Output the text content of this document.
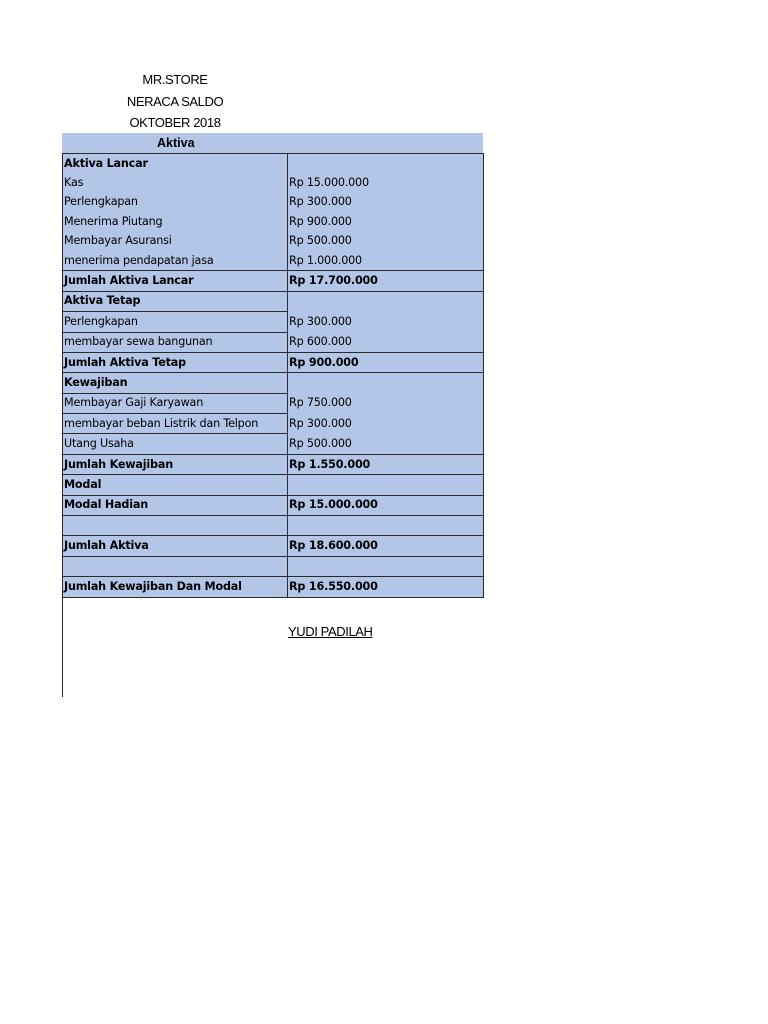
MR.STORE
NERACA SALDO
OKTOBER 2018
Aktiva
Aktiva Lancar	
Kas	Rp 15.000.000
Perlengkapan	Rp 300.000
Menerima Piutang	Rp 900.000
Membayar Asuransi	Rp 500.000
menerima pendapatan jasa	Rp 1.000.000
Jumlah Aktiva Lancar	Rp 17.700.000
Aktiva Tetap	
Perlengkapan	Rp 300.000
membayar sewa bangunan	Rp 600.000
Jumlah Aktiva Tetap	Rp 900.000
Kewajiban	
Membayar Gaji Karyawan	Rp 750.000
membayar beban Listrik dan Telpon	Rp 300.000
Utang Usaha	Rp 500.000
Jumlah Kewajiban	Rp 1.550.000
Modal	
Modal Hadian	Rp 15.000.000

Jumlah Aktiva	Rp 18.600.000

Jumlah Kewajiban Dan Modal	Rp 16.550.000
YUDI PADILAH
